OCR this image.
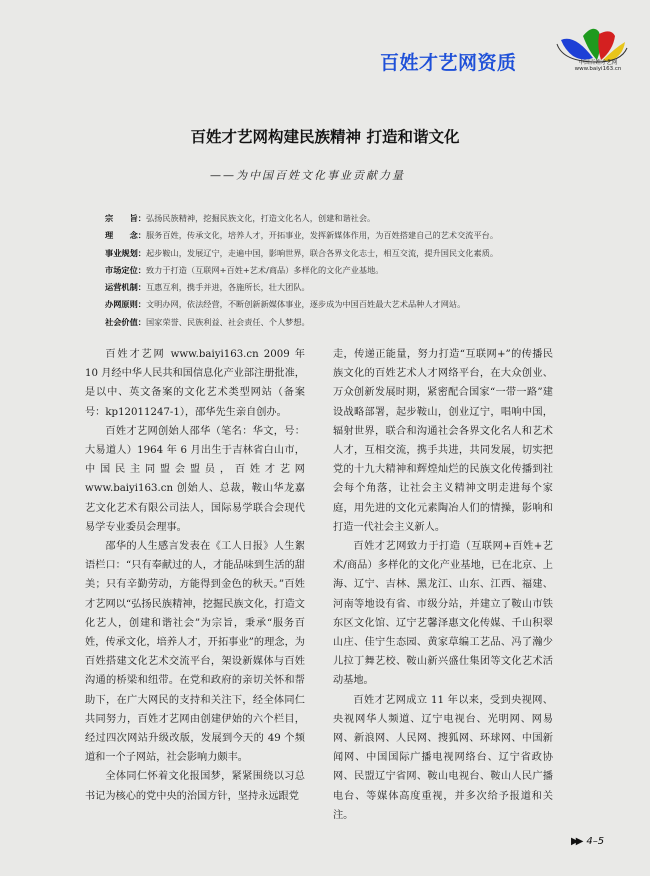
百姓才艺网资质	中国百姓才艺网
www.baiyi163.cn
百姓才艺网构建民族精神 打造和谐文化
——为中国百姓文化事业贡献力量
宗　　旨：弘扬民族精神，挖掘民族文化，打造文化名人，创建和谐社会。
理　　念：服务百姓，传承文化，培养人才，开拓事业，发挥新媒体作用，为百姓搭建自己的艺术交流平台。
事业规划：起步鞍山，发展辽宁，走遍中国，影响世界，联合各界文化志士，相互交流，提升国民文化素质。
市场定位：致力于打造（互联网+百姓+艺术/商品）多样化的文化产业基地。
运营机制：互惠互利，携手并进，各施所长，壮大团队。
办网原则：文明办网，依法经营，不断创新新媒体事业，逐步成为中国百姓最大艺术品种人才网站。
社会价值：国家荣誉、民族利益、社会责任、个人梦想。

百姓才艺网 www.baiyi163.cn 2009 年 10 月经中华人民共和国信息化产业部注册批准，是以中、英文备案的文化艺术类型网站（备案号：kp12011247-1），邵华先生亲自创办。

百姓才艺网创始人邵华（笔名：华文，号：大易道人）1964 年 6 月出生于吉林省白山市，中国民主同盟会盟员，百姓才艺网 www.baiyi163.cn 创始人、总裁，鞍山华龙嘉艺文化艺术有限公司法人，国际易学联合会现代易学专业委员会理事。

邵华的人生感言发表在《工人日报》人生絮语栏口：“只有奉献过的人，才能品味到生活的甜美；只有辛勤劳动，方能得到金色的秋天。”百姓才艺网以“弘扬民族精神，挖掘民族文化，打造文化艺人，创建和谐社会”为宗旨，秉承“服务百姓，传承文化，培养人才，开拓事业”的理念，为百姓搭建文化艺术交流平台，架设新媒体与百姓沟通的桥梁和纽带。在党和政府的亲切关怀和帮助下，在广大网民的支持和关注下，经全体同仁共同努力，百姓才艺网由创建伊始的六个栏目，经过四次网站升级改版，发展到今天的 49 个频道和一个子网站，社会影响力颇丰。

全体同仁怀着文化报国梦，紧紧围绕以习总书记为核心的党中央的治国方针，坚持永远跟党

走，传递正能量，努力打造“互联网+”的传播民族文化的百姓艺术人才网络平台，在大众创业、万众创新发展时期，紧密配合国家“一带一路”建设战略部署，起步鞍山，创业辽宁，唱响中国，辐射世界，联合和沟通社会各界文化名人和艺术人才，互相交流，携手共进，共同发展，切实把党的十九大精神和辉煌灿烂的民族文化传播到社会每个角落，让社会主义精神文明走进每个家庭，用先进的文化元素陶冶人们的情操，影响和打造一代社会主义新人。

百姓才艺网致力于打造（互联网+百姓+艺术/商品）多样化的文化产业基地，已在北京、上海、辽宁、吉林、黑龙江、山东、江西、福建、河南等地设有省、市级分站，并建立了鞍山市铁东区文化馆、辽宁艺馨泽惠文化传媒、千山积翠山庄、佳宁生态园、黄家草编工艺品、冯了瀚少儿拉丁舞艺校、鞍山新兴盛仕集团等文化艺术活动基地。

百姓才艺网成立 11 年以来，受到央视网、央视网华人频道、辽宁电视台、光明网、网易网、新浪网、人民网、搜狐网、环球网、中国新闻网、中国国际广播电视网络台、辽宁省政协网、民盟辽宁省网、鞍山电视台、鞍山人民广播电台、等媒体高度重视，并多次给予报道和关注。

▶▶ 4–5
